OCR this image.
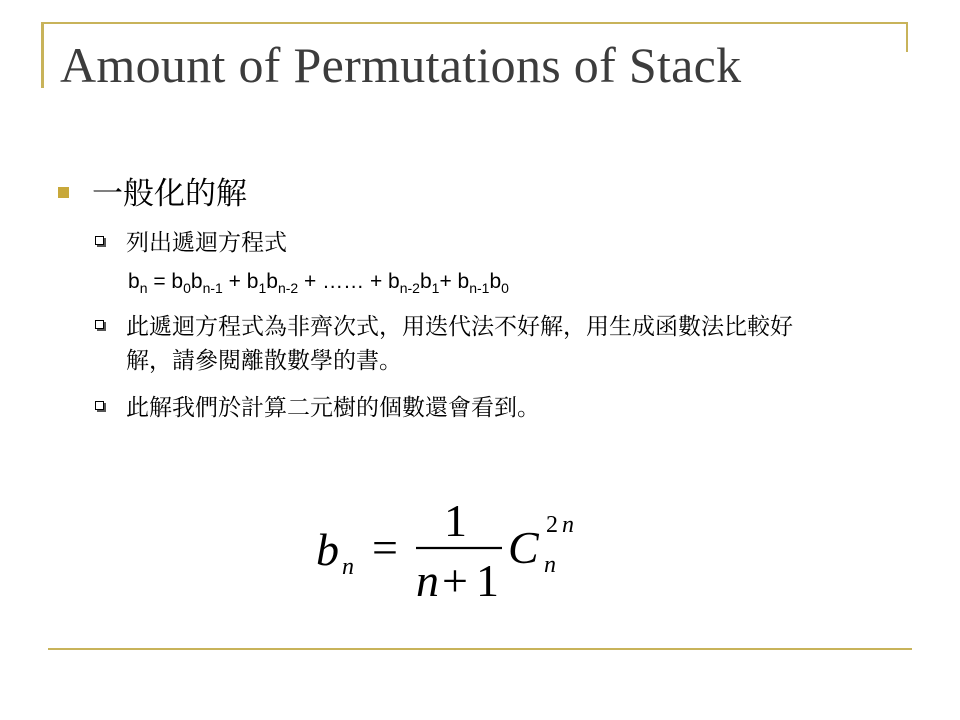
Amount of Permutations of Stack
一般化的解
列出遞迴方程式
$b_n = b_0b_{n-1} + b_1b_{n-2}$ + …… + $b_{n-2}b_1+ b_{n-1}b_0$
此遞迴方程式為非齊次式，用迭代法不好解，用生成函數法比較好解，請參閱離散數學的書。
此解我們於計算二元樹的個數還會看到。
b n =
1
n + 1
C 2 n
n
